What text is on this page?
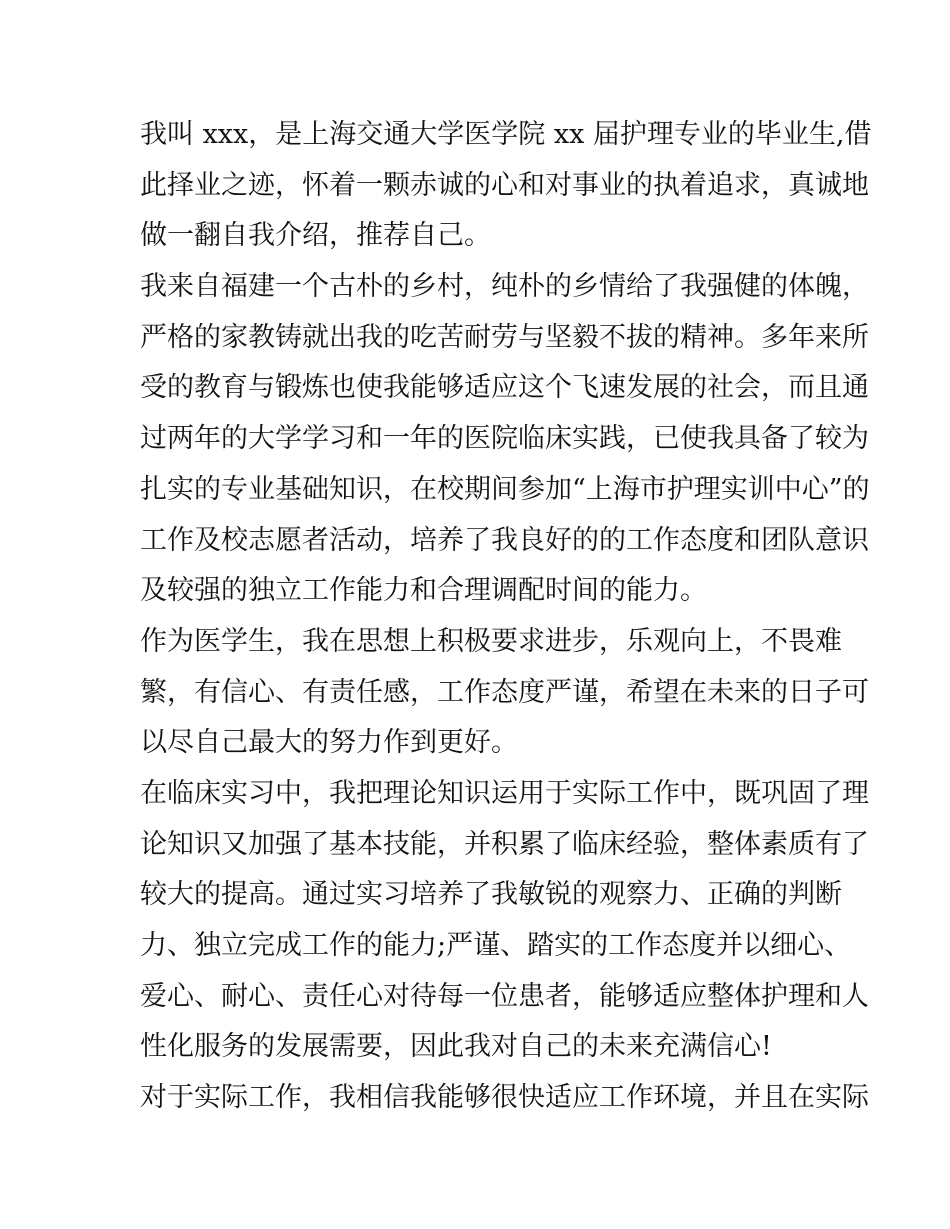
我叫 xxx，是上海交通大学医学院 xx 届护理专业的毕业生,借
此择业之迹，怀着一颗赤诚的心和对事业的执着追求，真诚地
做一翻自我介绍，推荐自己。

我来自福建一个古朴的乡村，纯朴的乡情给了我强健的体魄，
严格的家教铸就出我的吃苦耐劳与坚毅不拔的精神。多年来所
受的教育与锻炼也使我能够适应这个飞速发展的社会，而且通
过两年的大学学习和一年的医院临床实践，已使我具备了较为
扎实的专业基础知识，在校期间参加“上海市护理实训中心”的
工作及校志愿者活动，培养了我良好的的工作态度和团队意识
及较强的独立工作能力和合理调配时间的能力。

作为医学生，我在思想上积极要求进步，乐观向上，不畏难
繁，有信心、有责任感，工作态度严谨，希望在未来的日子可
以尽自己最大的努力作到更好。

在临床实习中，我把理论知识运用于实际工作中，既巩固了理
论知识又加强了基本技能，并积累了临床经验，整体素质有了
较大的提高。通过实习培养了我敏锐的观察力、正确的判断
力、独立完成工作的能力;严谨、踏实的工作态度并以细心、
爱心、耐心、责任心对待每一位患者，能够适应整体护理和人
性化服务的发展需要，因此我对自己的未来充满信心!

对于实际工作，我相信我能够很快适应工作环境，并且在实际
